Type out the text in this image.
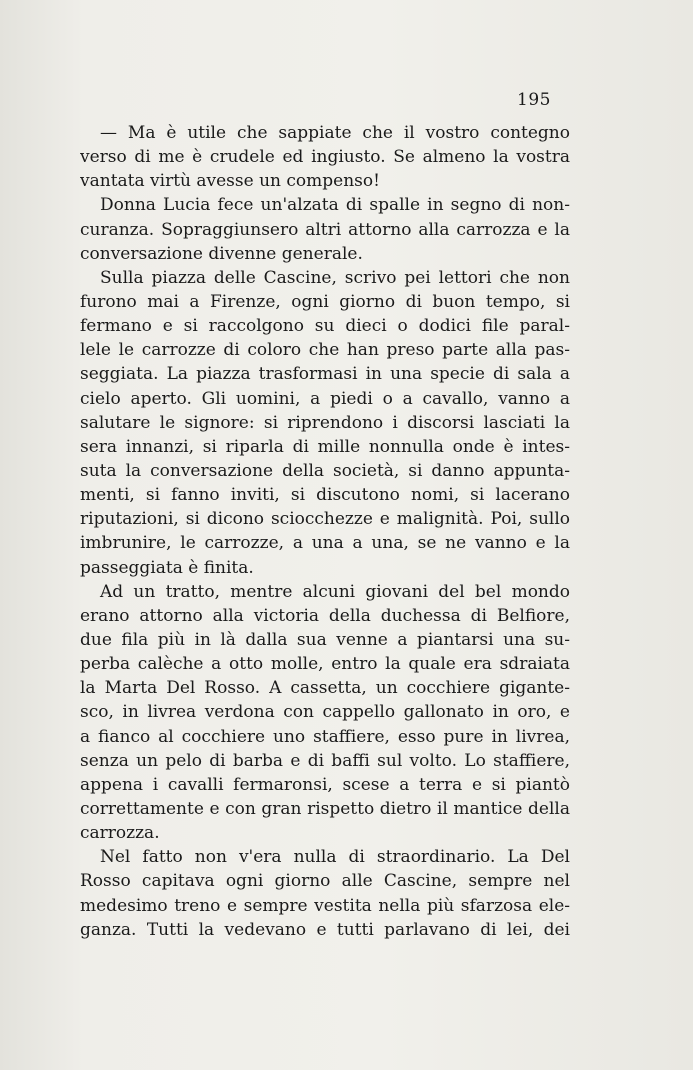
195
— Ma è utile che sappiate che il vostro contegno
verso di me è crudele ed ingiusto. Se almeno la vostra
vantata virtù avesse un compenso!
Donna Lucia fece un'alzata di spalle in segno di non-
curanza. Sopraggiunsero altri attorno alla carrozza e la
conversazione divenne generale.
Sulla piazza delle Cascine, scrivo pei lettori che non
furono mai a Firenze, ogni giorno di buon tempo, si
fermano e si raccolgono su dieci o dodici file paral-
lele le carrozze di coloro che han preso parte alla pas-
seggiata. La piazza trasformasi in una specie di sala a
cielo aperto. Gli uomini, a piedi o a cavallo, vanno a
salutare le signore: si riprendono i discorsi lasciati la
sera innanzi, si riparla di mille nonnulla onde è intes-
suta la conversazione della società, si danno appunta-
menti, si fanno inviti, si discutono nomi, si lacerano
riputazioni, si dicono sciocchezze e malignità. Poi, sullo
imbrunire, le carrozze, a una a una, se ne vanno e la
passeggiata è finita.
Ad un tratto, mentre alcuni giovani del bel mondo
erano attorno alla victoria della duchessa di Belfiore,
due fila più in là dalla sua venne a piantarsi una su-
perba calèche a otto molle, entro la quale era sdraiata
la Marta Del Rosso. A cassetta, un cocchiere gigante-
sco, in livrea verdona con cappello gallonato in oro, e
a fianco al cocchiere uno staffiere, esso pure in livrea,
senza un pelo di barba e di baffi sul volto. Lo staffiere,
appena i cavalli fermaronsi, scese a terra e si piantò
correttamente e con gran rispetto dietro il mantice della
carrozza.
Nel fatto non v'era nulla di straordinario. La Del
Rosso capitava ogni giorno alle Cascine, sempre nel
medesimo treno e sempre vestita nella più sfarzosa ele-
ganza. Tutti la vedevano e tutti parlavano di lei, dei
